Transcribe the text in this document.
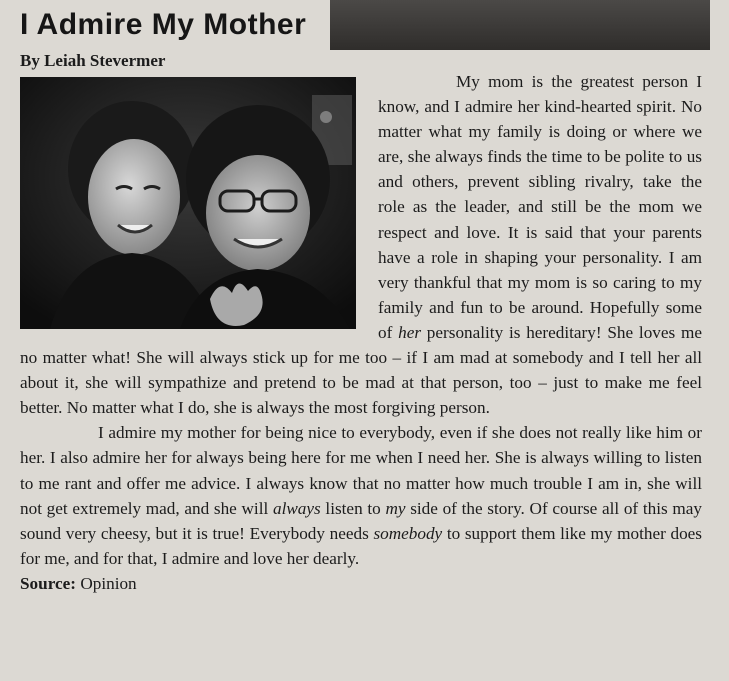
I Admire My Mother
By Leiah Stevermer

My mom is the greatest person I know, and I admire her kind-hearted spirit. No matter what my family is doing or where we are, she always finds the time to be polite to us and others, prevent sibling rivalry, take the role as the leader, and still be the mom we respect and love. It is said that your parents have a role in shaping your personality. I am very thankful that my mom is so caring to my family and fun to be around. Hopefully some of her personality is hereditary! She loves me no matter what! She will always stick up for me too – if I am mad at somebody and I tell her all about it, she will sympathize and pretend to be mad at that person, too – just to make me feel better. No matter what I do, she is always the most forgiving person.

I admire my mother for being nice to everybody, even if she does not really like him or her. I also admire her for always being here for me when I need her. She is always willing to listen to me rant and offer me advice. I always know that no matter how much trouble I am in, she will not get extremely mad, and she will always listen to my side of the story. Of course all of this may sound very cheesy, but it is true! Everybody needs somebody to support them like my mother does for me, and for that, I admire and love her dearly.

Source: Opinion
